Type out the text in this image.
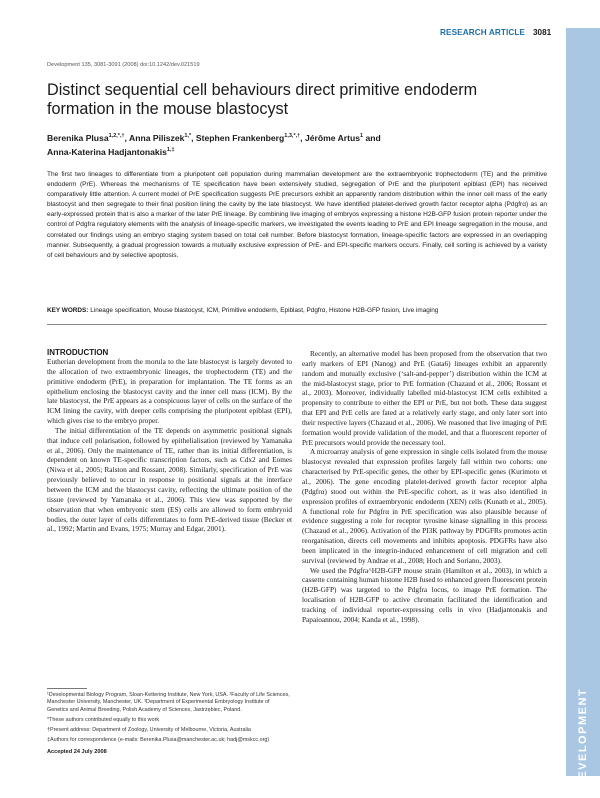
RESEARCH ARTICLE 3081
DEVELOPMENT
Development 135, 3081-3091 (2008) doi:10.1242/dev.021519
Distinct sequential cell behaviours direct primitive endoderm formation in the mouse blastocyst
Berenika Plusa$^{1,2,*,\dagger}$, Anna Piliszek$^{1,*}$, Stephen Frankenberg$^{1,3,*,\dagger}$, Jérôme Artus$^1$ and
Anna-Katerina Hadjantonakis$^{1,\ddagger}$
The first two lineages to differentiate from a pluripotent cell population during mammalian development are the extraembryonic trophectoderm (TE) and the primitive endoderm (PrE). Whereas the mechanisms of TE specification have been extensively studied, segregation of PrE and the pluripotent epiblast (EPI) has received comparatively little attention. A current model of PrE specification suggests PrE precursors exhibit an apparently random distribution within the inner cell mass of the early blastocyst and then segregate to their final position lining the cavity by the late blastocyst. We have identified platelet-derived growth factor receptor alpha (Pdgfrα) as an early-expressed protein that is also a marker of the later PrE lineage. By combining live imaging of embryos expressing a histone H2B-GFP fusion protein reporter under the control of Pdgfra regulatory elements with the analysis of lineage-specific markers, we investigated the events leading to PrE and EPI lineage segregation in the mouse, and correlated our findings using an embryo staging system based on total cell number. Before blastocyst formation, lineage-specific factors are expressed in an overlapping manner. Subsequently, a gradual progression towards a mutually exclusive expression of PrE- and EPI-specific markers occurs. Finally, cell sorting is achieved by a variety of cell behaviours and by selective apoptosis.
KEY WORDS: Lineage specification, Mouse blastocyst, ICM, Primitive endoderm, Epiblast, Pdgfrα, Histone H2B-GFP fusion, Live imaging
INTRODUCTION

Eutherian development from the morula to the late blastocyst is largely devoted to the allocation of two extraembryonic lineages, the trophectoderm (TE) and the primitive endoderm (PrE), in preparation for implantation. The TE forms as an epithelium enclosing the blastocyst cavity and the inner cell mass (ICM). By the late blastocyst, the PrE appears as a conspicuous layer of cells on the surface of the ICM lining the cavity, with deeper cells comprising the pluripotent epiblast (EPI), which gives rise to the embryo proper.

The initial differentiation of the TE depends on asymmetric positional signals that induce cell polarisation, followed by epithelialisation (reviewed by Yamanaka et al., 2006). Only the maintenance of TE, rather than its initial differentiation, is dependent on known TE-specific transcription factors, such as Cdx2 and Eomes (Niwa et al., 2005; Ralston and Rossant, 2008). Similarly, specification of PrE was previously believed to occur in response to positional signals at the interface between the ICM and the blastocyst cavity, reflecting the ultimate position of the tissue (reviewed by Yamanaka et al., 2006). This view was supported by the observation that when embryonic stem (ES) cells are allowed to form embryoid bodies, the outer layer of cells differentiates to form PrE-derived tissue (Becker et al., 1992; Martin and Evans, 1975; Murray and Edgar, 2001).

Recently, an alternative model has been proposed from the observation that two early markers of EPI (Nanog) and PrE (Gata6) lineages exhibit an apparently random and mutually exclusive (‘salt-and-pepper’) distribution within the ICM at the mid-blastocyst stage, prior to PrE formation (Chazaud et al., 2006; Rossant et al., 2003). Moreover, individually labelled mid-blastocyst ICM cells exhibited a propensity to contribute to either the EPI or PrE, but not both. These data suggest that EPI and PrE cells are fated at a relatively early stage, and only later sort into their respective layers (Chazaud et al., 2006). We reasoned that live imaging of PrE formation would provide validation of the model, and that a fluorescent reporter of PrE precursors would provide the necessary tool.

A microarray analysis of gene expression in single cells isolated from the mouse blastocyst revealed that expression profiles largely fall within two cohorts: one characterised by PrE-specific genes, the other by EPI-specific genes (Kurimoto et al., 2006). The gene encoding platelet-derived growth factor receptor alpha (Pdgfrα) stood out within the PrE-specific cohort, as it was also identified in expression profiles of extraembryonic endoderm (XEN) cells (Kunath et al., 2005). A functional role for Pdgfrα in PrE specification was also plausible because of evidence suggesting a role for receptor tyrosine kinase signalling in this process (Chazaud et al., 2006). Activation of the PI3K pathway by PDGFRs promotes actin reorganisation, directs cell movements and inhibits apoptosis. PDGFRs have also been implicated in the integrin-induced enhancement of cell migration and cell survival (reviewed by Andrae et al., 2008; Hoch and Soriano, 2003).

We used the Pdgfra^H2B-GFP mouse strain (Hamilton et al., 2003), in which a cassette containing human histone H2B fused to enhanced green fluorescent protein (H2B-GFP) was targeted to the Pdgfra locus, to image PrE formation. The localisation of H2B-GFP to active chromatin facilitated the identification and tracking of individual reporter-expressing cells in vivo (Hadjantonakis and Papaioannou, 2004; Kanda et al., 1998).

¹Developmental Biology Program, Sloan-Kettering Institute, New York, USA. ²Faculty of Life Sciences, Manchester University, Manchester, UK. ³Department of Experimental Embryology Institute of Genetics and Animal Breeding, Polish Academy of Sciences, Jastrzębiec, Poland.

*These authors contributed equally to this work

†Present address: Department of Zoology, University of Melbourne, Victoria, Australia

‡Authors for correspondence (e-mails: Berenika.Plusa@manchester.ac.uk; hadj@mskcc.org)

Accepted 24 July 2008
